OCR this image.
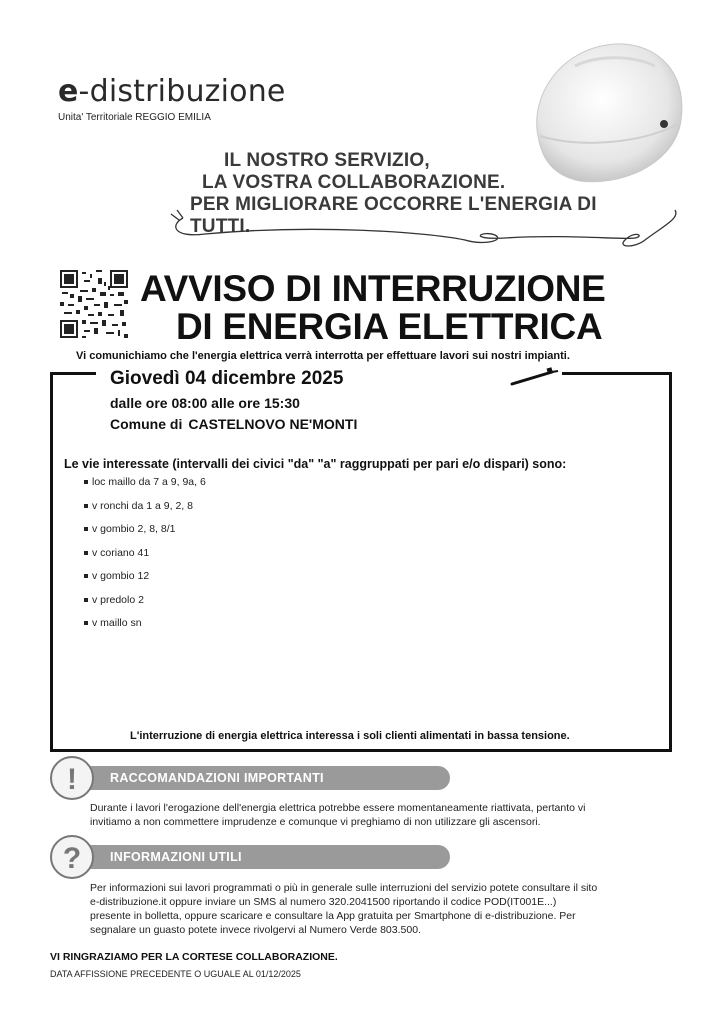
e-distribuzione
Unita' Territoriale REGGIO EMILIA
IL NOSTRO SERVIZIO,
LA VOSTRA COLLABORAZIONE.
PER MIGLIORARE OCCORRE L'ENERGIA DI TUTTI.
AVVISO DI INTERRUZIONE
DI ENERGIA ELETTRICA
Vi comunichiamo che l'energia elettrica verrà interrotta per effettuare lavori sui nostri impianti.
Giovedì 04 dicembre 2025
dalle ore 08:00 alle ore 15:30
Comune di CASTELNOVO NE'MONTI
Le vie interessate (intervalli dei civici "da" "a" raggruppati per pari e/o dispari) sono:
loc maillo da 7 a 9, 9a, 6
v ronchi da 1 a 9, 2, 8
v gombio 2, 8, 8/1
v coriano 41
v gombio 12
v predolo 2
v maillo sn
L'interruzione di energia elettrica interessa i soli clienti alimentati in bassa tensione.
RACCOMANDAZIONI IMPORTANTI
!
Durante i lavori l'erogazione dell'energia elettrica potrebbe essere momentaneamente riattivata, pertanto vi
invitiamo a non commettere imprudenze e comunque vi preghiamo di non utilizzare gli ascensori.
INFORMAZIONI UTILI
?
Per informazioni sui lavori programmati o più in generale sulle interruzioni del servizio potete consultare il sito
e-distribuzione.it oppure inviare un SMS al numero 320.2041500 riportando il codice POD(IT001E...)
presente in bolletta, oppure scaricare e consultare la App gratuita per Smartphone di e-distribuzione. Per
segnalare un guasto potete invece rivolgervi al Numero Verde 803.500.
VI RINGRAZIAMO PER LA CORTESE COLLABORAZIONE.
DATA AFFISSIONE PRECEDENTE O UGUALE AL 01/12/2025
